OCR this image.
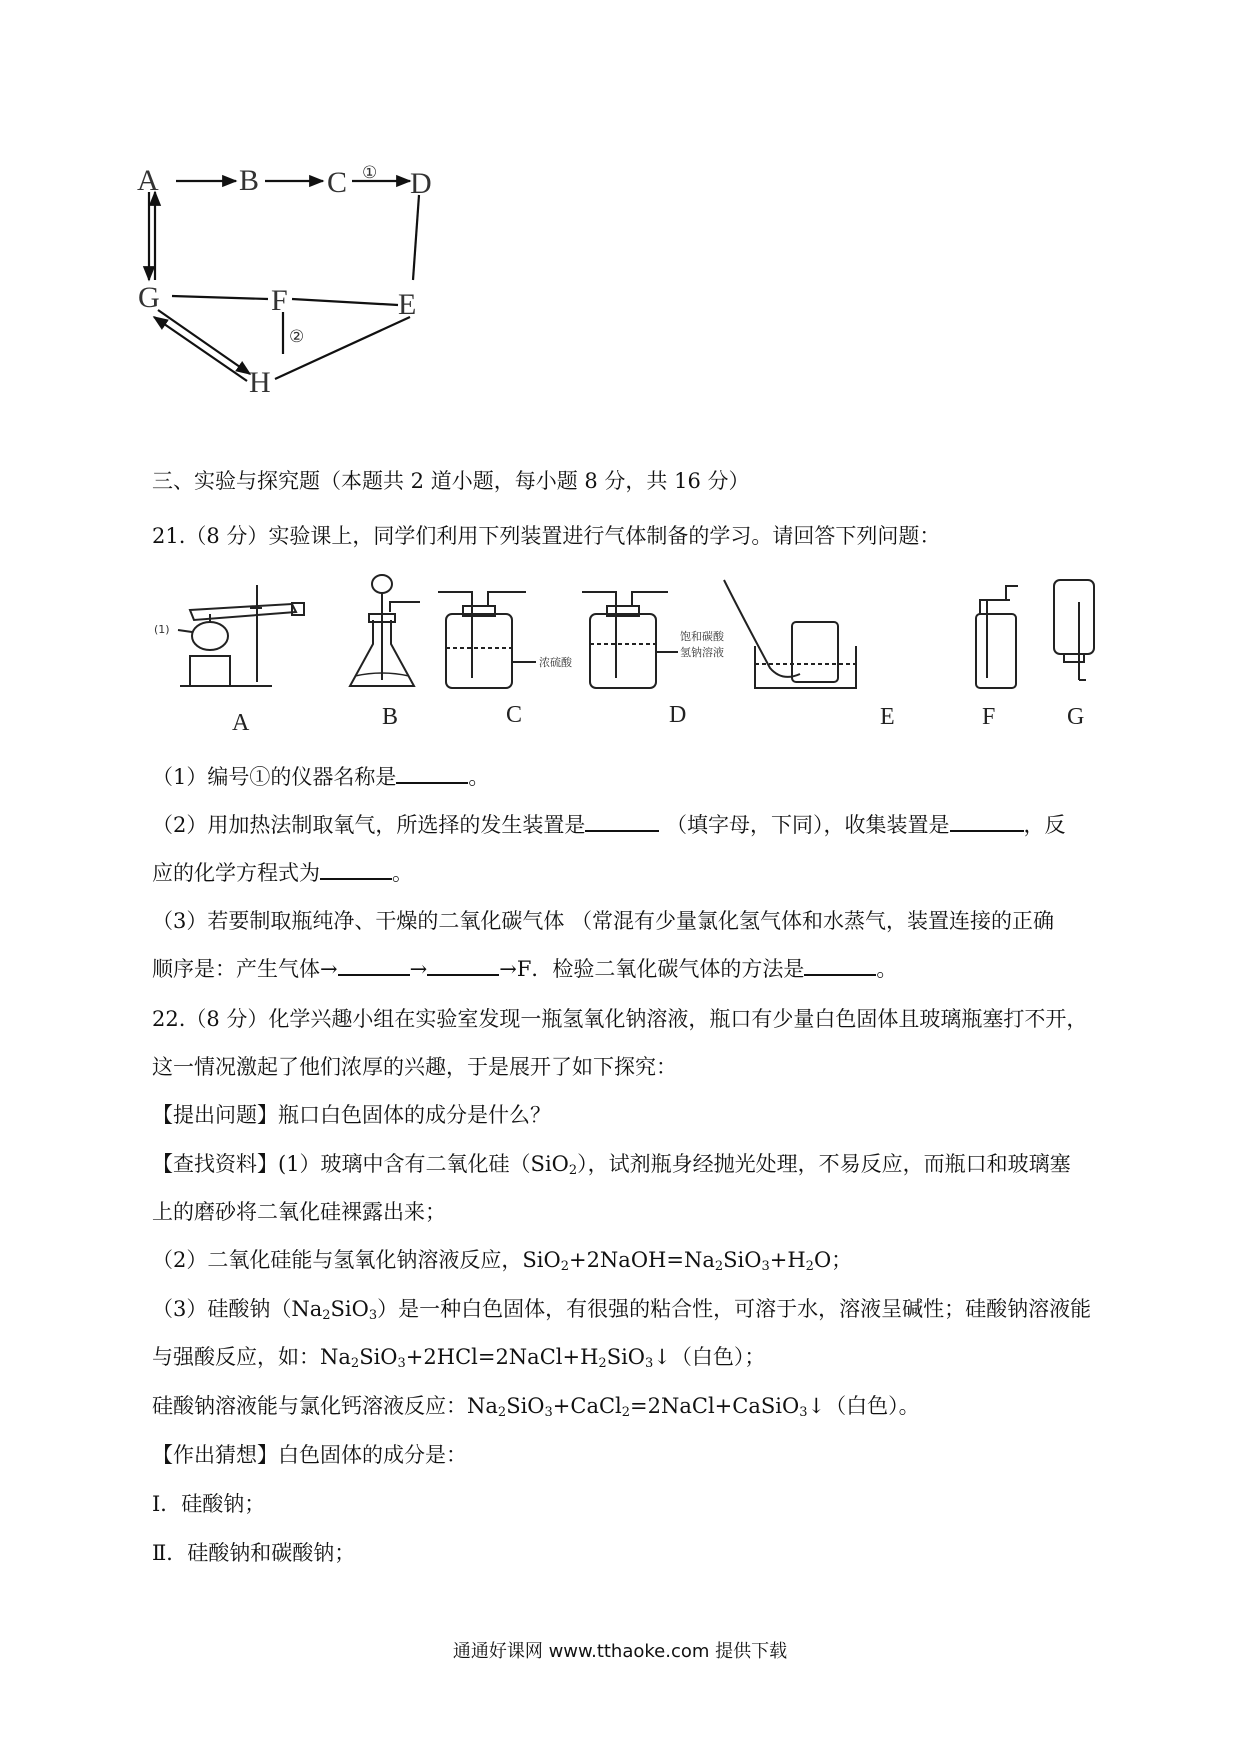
A	B C D
E
F
G
H
①
②
三、实验与探究题（本题共 2 道小题，每小题 8 分，共 16 分）
21.（8 分）实验课上，同学们利用下列装置进行气体制备的学习。请回答下列问题：
(1)
浓硫酸
饱和碳酸
氢钠溶液
A	B	C	D	E	F	G
（1）编号①的仪器名称是	。
（2）用加热法制取氧气，所选择的发生装置是	（填字母，下同），收集装置是	，反
应的化学方程式为	。
（3）若要制取瓶纯净、干燥的二氧化碳气体 （常混有少量氯化氢气体和水蒸气，装置连接的正确
顺序是：产生气体→	→	→F．检验二氧化碳气体的方法是	。
22.（8 分）化学兴趣小组在实验室发现一瓶氢氧化钠溶液，瓶口有少量白色固体且玻璃瓶塞打不开，
这一情况激起了他们浓厚的兴趣，于是展开了如下探究：
【提出问题】瓶口白色固体的成分是什么？
【查找资料】(1）玻璃中含有二氧化硅（SiO$_2$），试剂瓶身经抛光处理，不易反应，而瓶口和玻璃塞
上的磨砂将二氧化硅裸露出来；
（2）二氧化硅能与氢氧化钠溶液反应，$SiO_2+2NaOH=Na_2SiO_3+H_2O$；
（3）硅酸钠$(Na_2SiO_3)$是一种白色固体，有很强的粘合性，可溶于水，溶液呈碱性；硅酸钠溶液能
与强酸反应，如：$Na_2SiO_3+2HCl=2NaCl+H_2SiO_3↓$（白色）；
硅酸钠溶液能与氯化钙溶液反应：$Na_2SiO_3+CaCl_2=2NaCl+CaSiO_3↓$（白色）。
【作出猜想】白色固体的成分是：
Ⅰ．硅酸钠；
Ⅱ．硅酸钠和碳酸钠；
通通好课网 www.tthaoke.com 提供下载
